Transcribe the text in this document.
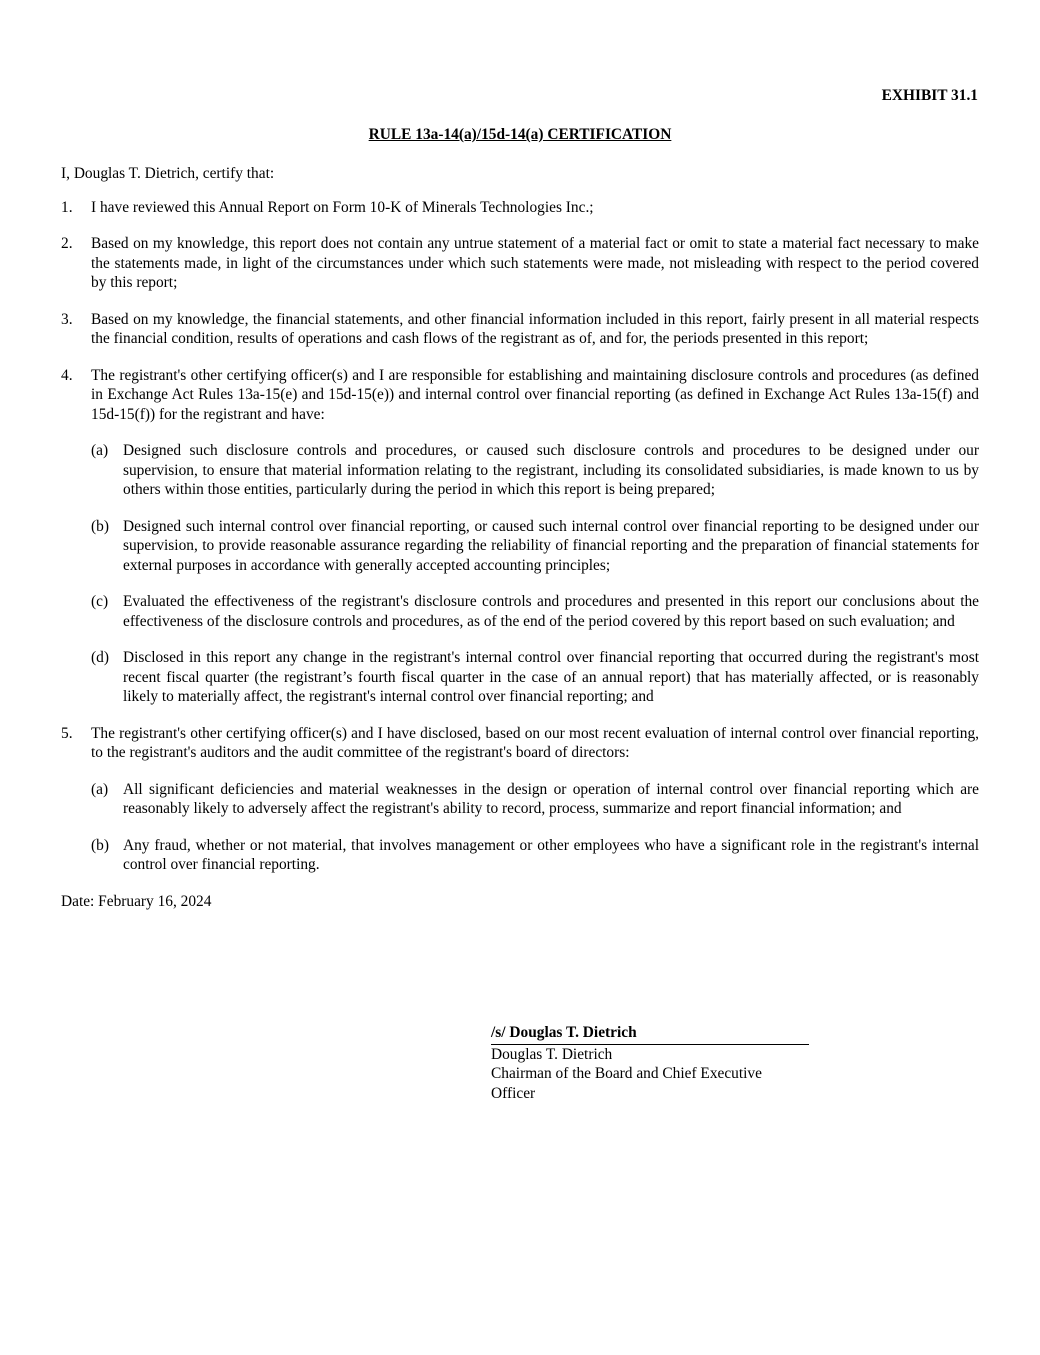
EXHIBIT 31.1
RULE 13a-14(a)/15d-14(a) CERTIFICATION

I, Douglas T. Dietrich, certify that:

1.	I have reviewed this Annual Report on Form 10-K of Minerals Technologies Inc.;
2.	Based on my knowledge, this report does not contain any untrue statement of a material fact or omit to state a material fact necessary to make the statements made, in light of the circumstances under which such statements were made, not misleading with respect to the period covered by this report;
3.	Based on my knowledge, the financial statements, and other financial information included in this report, fairly present in all material respects the financial condition, results of operations and cash flows of the registrant as of, and for, the periods presented in this report;
4.	The registrant's other certifying officer(s) and I are responsible for establishing and maintaining disclosure controls and procedures (as defined in Exchange Act Rules 13a-15(e) and 15d-15(e)) and internal control over financial reporting (as defined in Exchange Act Rules 13a-15(f) and 15d-15(f)) for the registrant and have:
(a) Designed such disclosure controls and procedures, or caused such disclosure controls and procedures to be designed under our supervision, to ensure that material information relating to the registrant, including its consolidated subsidiaries, is made known to us by others within those entities, particularly during the period in which this report is being prepared;
(b) Designed such internal control over financial reporting, or caused such internal control over financial reporting to be designed under our supervision, to provide reasonable assurance regarding the reliability of financial reporting and the preparation of financial statements for external purposes in accordance with generally accepted accounting principles;
(c) Evaluated the effectiveness of the registrant's disclosure controls and procedures and presented in this report our conclusions about the effectiveness of the disclosure controls and procedures, as of the end of the period covered by this report based on such evaluation; and
(d) Disclosed in this report any change in the registrant's internal control over financial reporting that occurred during the registrant's most recent fiscal quarter (the registrant’s fourth fiscal quarter in the case of an annual report) that has materially affected, or is reasonably likely to materially affect, the registrant's internal control over financial reporting; and
5.	The registrant's other certifying officer(s) and I have disclosed, based on our most recent evaluation of internal control over financial reporting, to the registrant's auditors and the audit committee of the registrant's board of directors:
(a) All significant deficiencies and material weaknesses in the design or operation of internal control over financial reporting which are reasonably likely to adversely affect the registrant's ability to record, process, summarize and report financial information; and
(b) Any fraud, whether or not material, that involves management or other employees who have a significant role in the registrant's internal control over financial reporting.

Date: February 16, 2024

/s/ Douglas T. Dietrich
Douglas T. Dietrich
Chairman of the Board and Chief Executive
Officer
